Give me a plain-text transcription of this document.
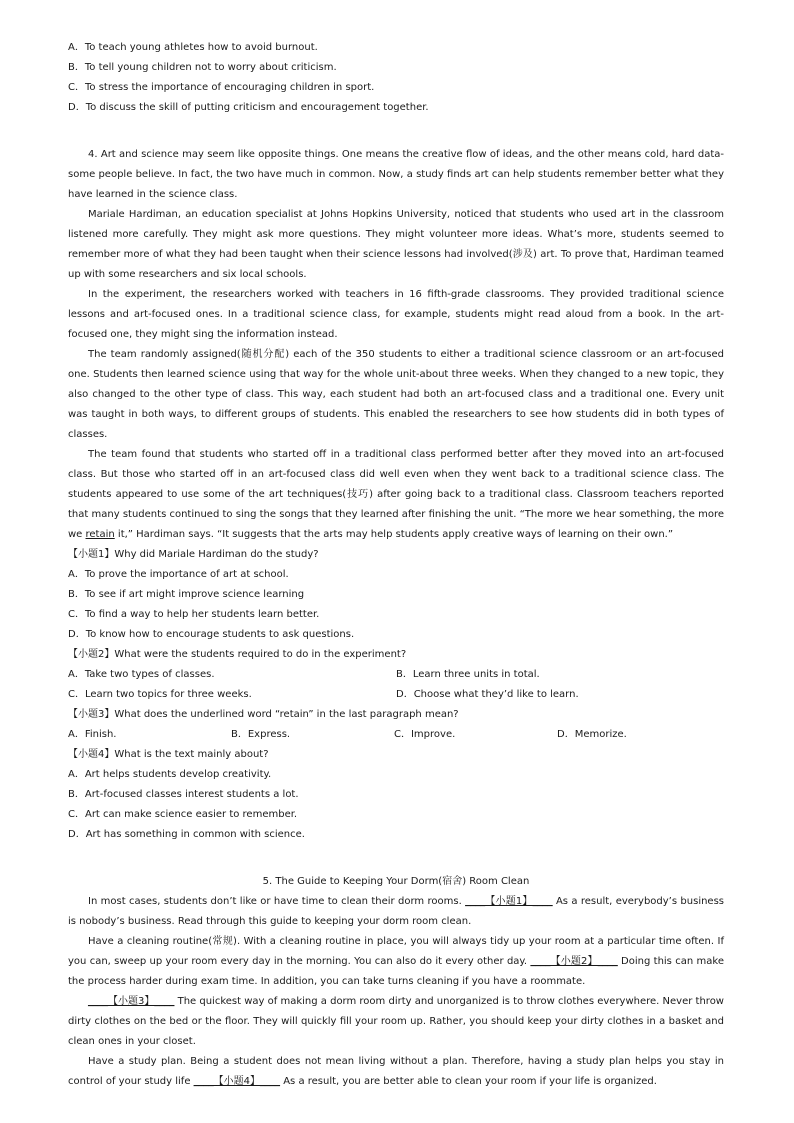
A．To teach young athletes how to avoid burnout.
B．To tell young children not to worry about criticism.
C．To stress the importance of encouraging children in sport.
D．To discuss the skill of putting criticism and encouragement together.

4. Art and science may seem like opposite things. One means the creative flow of ideas, and the other means cold, hard data-some people believe. In fact, the two have much in common. Now, a study finds art can help students remember better what they have learned in the science class.

Mariale Hardiman, an education specialist at Johns Hopkins University, noticed that students who used art in the classroom listened more carefully. They might ask more questions. They might volunteer more ideas. What’s more, students seemed to remember more of what they had been taught when their science lessons had involved(涉及) art. To prove that, Hardiman teamed up with some researchers and six local schools.

In the experiment, the researchers worked with teachers in 16 fifth-grade classrooms. They provided traditional science lessons and art-focused ones. In a traditional science class, for example, students might read aloud from a book. In the art-focused one, they might sing the information instead.

The team randomly assigned(随机分配) each of the 350 students to either a traditional science classroom or an art-focused one. Students then learned science using that way for the whole unit-about three weeks. When they changed to a new topic, they also changed to the other type of class. This way, each student had both an art-focused class and a traditional one. Every unit was taught in both ways, to different groups of students. This enabled the researchers to see how students did in both types of classes.

The team found that students who started off in a traditional class performed better after they moved into an art-focused class. But those who started off in an art-focused class did well even when they went back to a traditional science class. The students appeared to use some of the art techniques(技巧) after going back to a traditional class. Classroom teachers reported that many students continued to sing the songs that they learned after finishing the unit. “The more we hear something, the more we retain it,” Hardiman says. “It suggests that the arts may help students apply creative ways of learning on their own.”

【小题1】Why did Mariale Hardiman do the study?
A．To prove the importance of art at school.
B．To see if art might improve science learning
C．To find a way to help her students learn better.
D．To know how to encourage students to ask questions.
【小题2】What were the students required to do in the experiment?
A．Take two types of classes.	B．Learn three units in total.
C．Learn two topics for three weeks.	D．Choose what they’d like to learn.
【小题3】What does the underlined word “retain” in the last paragraph mean?
A．Finish.	B．Express.	C．Improve.	D．Memorize.
【小题4】What is the text mainly about?
A．Art helps students develop creativity.
B．Art-focused classes interest students a lot.
C．Art can make science easier to remember.
D．Art has something in common with science.
5. The Guide to Keeping Your Dorm(宿舍) Room Clean

In most cases, students don’t like or have time to clean their dorm rooms. ____【小题1】____ As a result, everybody’s business is nobody’s business. Read through this guide to keeping your dorm room clean.

Have a cleaning routine(常规). With a cleaning routine in place, you will always tidy up your room at a particular time often. If you can, sweep up your room every day in the morning. You can also do it every other day. ____【小题2】____ Doing this can make the process harder during exam time. In addition, you can take turns cleaning if you have a roommate.

____【小题3】____ The quickest way of making a dorm room dirty and unorganized is to throw clothes everywhere. Never throw dirty clothes on the bed or the floor. They will quickly fill your room up. Rather, you should keep your dirty clothes in a basket and clean ones in your closet.

Have a study plan. Being a student does not mean living without a plan. Therefore, having a study plan helps you stay in control of your study life ____【小题4】____ As a result, you are better able to clean your room if your life is organized.
